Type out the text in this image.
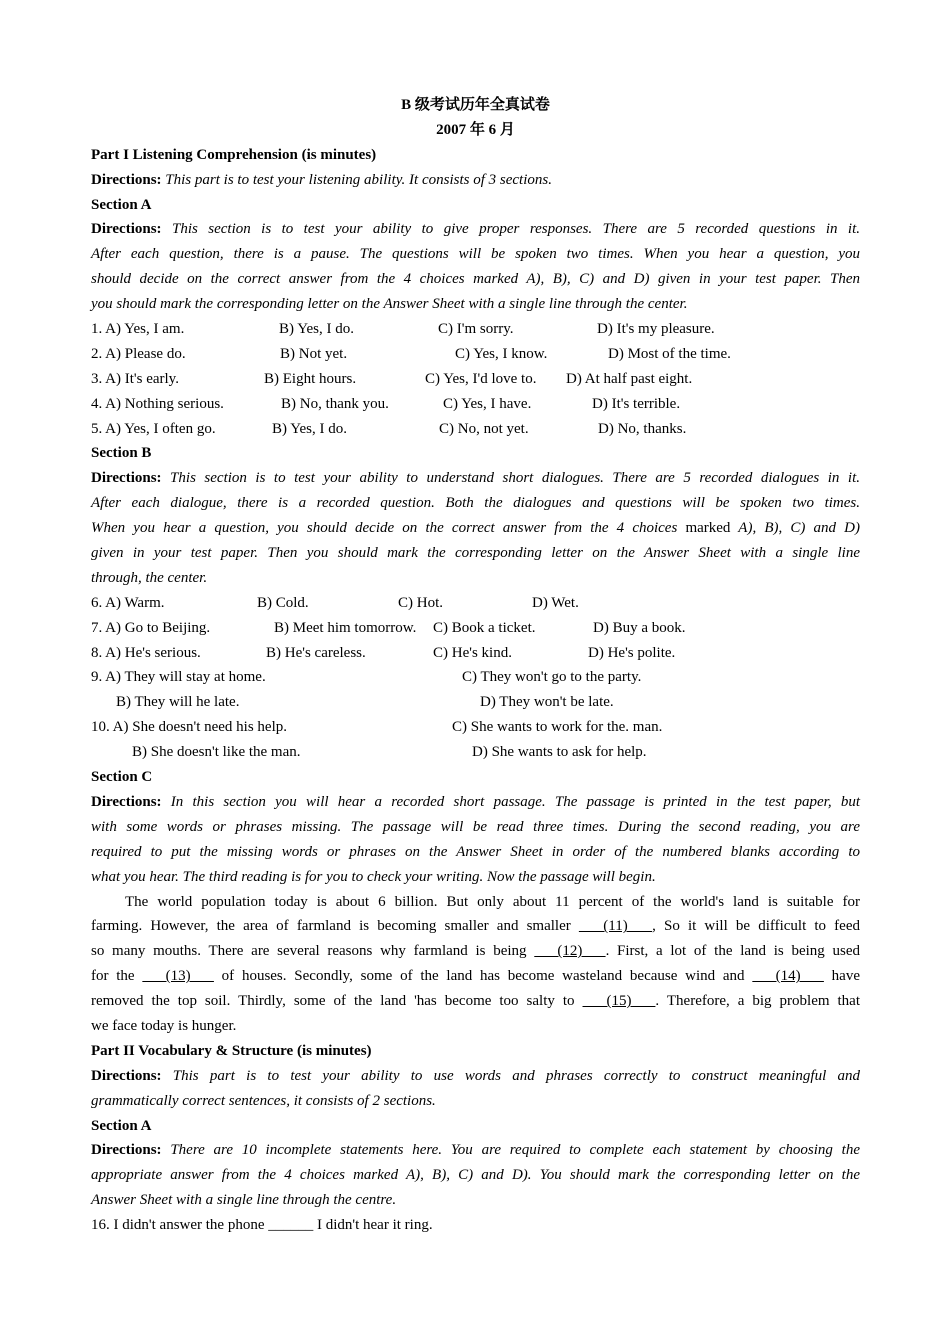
B 级考试历年全真试卷
2007 年 6 月
Part I Listening Comprehension (is minutes)
Directions: This part is to test your listening ability. It consists of 3 sections.
Section A
Directions: This section is to test your ability to give proper responses. There are 5 recorded questions in it.
After each question, there is a pause. The questions will be spoken two times. When you hear a question, you
should decide on the correct answer from the 4 choices marked A), B), C) and D) given in your test paper. Then
you should mark the corresponding letter on the Answer Sheet with a single line through the center.
1. A) Yes, I am.	B) Yes, I do.	C) I'm sorry.	D) It's my pleasure.
2. A) Please do.	B) Not yet.	C) Yes, I know.	D) Most of the time.
3. A) It's early.	B) Eight hours.	C) Yes, I'd love to. D) At half past eight.
4. A) Nothing serious.	B) No, thank you.	C) Yes, I have.	D) It's terrible.
5. A) Yes, I often go.	B) Yes, I do.	C) No, not yet.	D) No, thanks.
Section B
Directions: This section is to test your ability to understand short dialogues. There are 5 recorded dialogues in it.
After each dialogue, there is a recorded question. Both the dialogues and questions will be spoken two times.
When you hear a question, you should decide on the correct answer from the 4 choices marked A), B), C) and D)
given in your test paper. Then you should mark the corresponding letter on the Answer Sheet with a single line
through, the center.
6. A) Warm.	B) Cold.	C) Hot.	D) Wet.
7. A) Go to Beijing.	B) Meet him tomorrow. C) Book a ticket.	D) Buy a book.
8. A) He's serious.	B) He's careless.	C) He's kind.	D) He's polite.
9. A) They will stay at home.	C) They won't go to the party.
B) They will he late.	D) They won't be late.
10. A) She doesn't need his help.	C) She wants to work for the. man.
B) She doesn't like the man.	D) She wants to ask for help.
Section C
Directions: In this section you will hear a recorded short passage. The passage is printed in the test paper, but
with some words or phrases missing. The passage will be read three times. During the second reading, you are
required to put the missing words or phrases on the Answer Sheet in order of the numbered blanks according to
what you hear. The third reading is for you to check your writing. Now the passage will begin.
The world population today is about 6 billion. But only about 11 percent of the world's land is suitable for
farming. However, the area of farmland is becoming smaller and smaller    (11)   , So it will be difficult to feed
so many mouths. There are several reasons why farmland is being    (12)   . First, a lot of the land is being used
for the    (13)    of houses. Secondly, some of the land has become wasteland because wind and    (14)    have
removed the top soil. Thirdly, some of the land 'has become too salty to    (15)   . Therefore, a big problem that
we face today is hunger.
Part II Vocabulary & Structure (is minutes)
Directions: This part is to test your ability to use words and phrases correctly to construct meaningful and
grammatically correct sentences, it consists of 2 sections.
Section A
Directions: There are 10 incomplete statements here. You are required to complete each statement by choosing the
appropriate answer from the 4 choices marked A), B), C) and D). You should mark the corresponding letter on the
Answer Sheet with a single line through the centre.
16. I didn't answer the phone ______ I didn't hear it ring.
